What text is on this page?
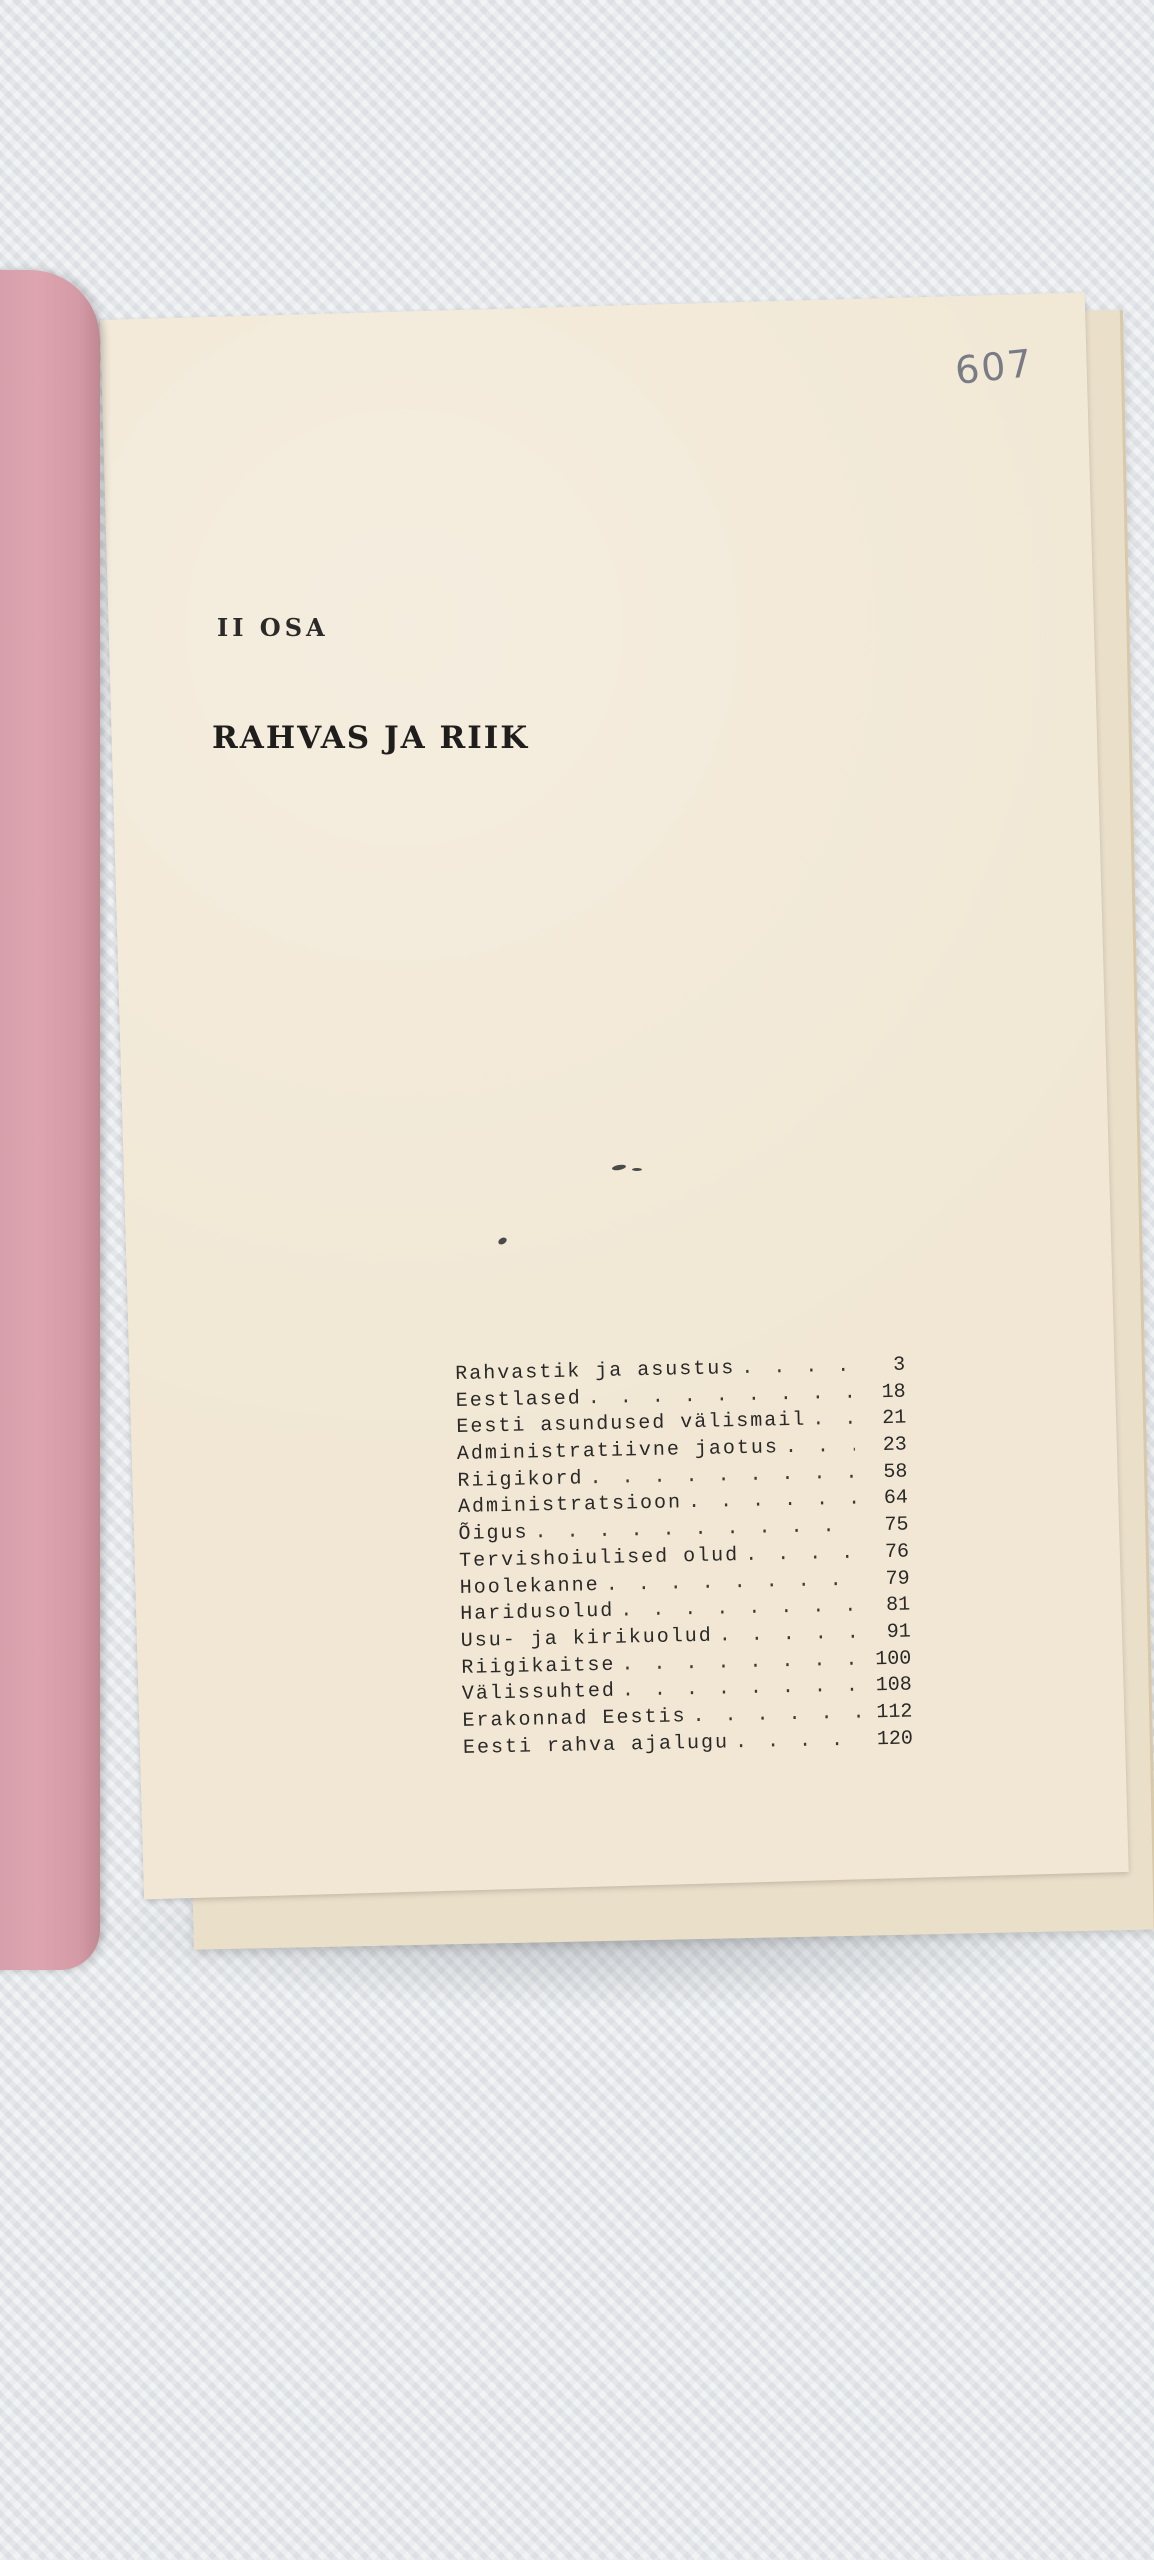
607
II OSA
RAHVAS JA RIIK
Rahvastik ja asustus . . .	3
Eestlased . . .	18
Eesti asundused välismail . . .	21
Administratiivne jaotus . . .	23
Riigikord . . .	58
Administratsioon . . .	64
Õigus . . .	75
Tervishoiulised olud . . .	76
Hoolekanne . . .	79
Haridusolud . . .	81
Usu- ja kirikuolud . . .	91
Riigikaitse . . .	100
Välissuhted . . .	108
Erakonnad Eestis . . .	112
Eesti rahva ajalugu . . .	120
